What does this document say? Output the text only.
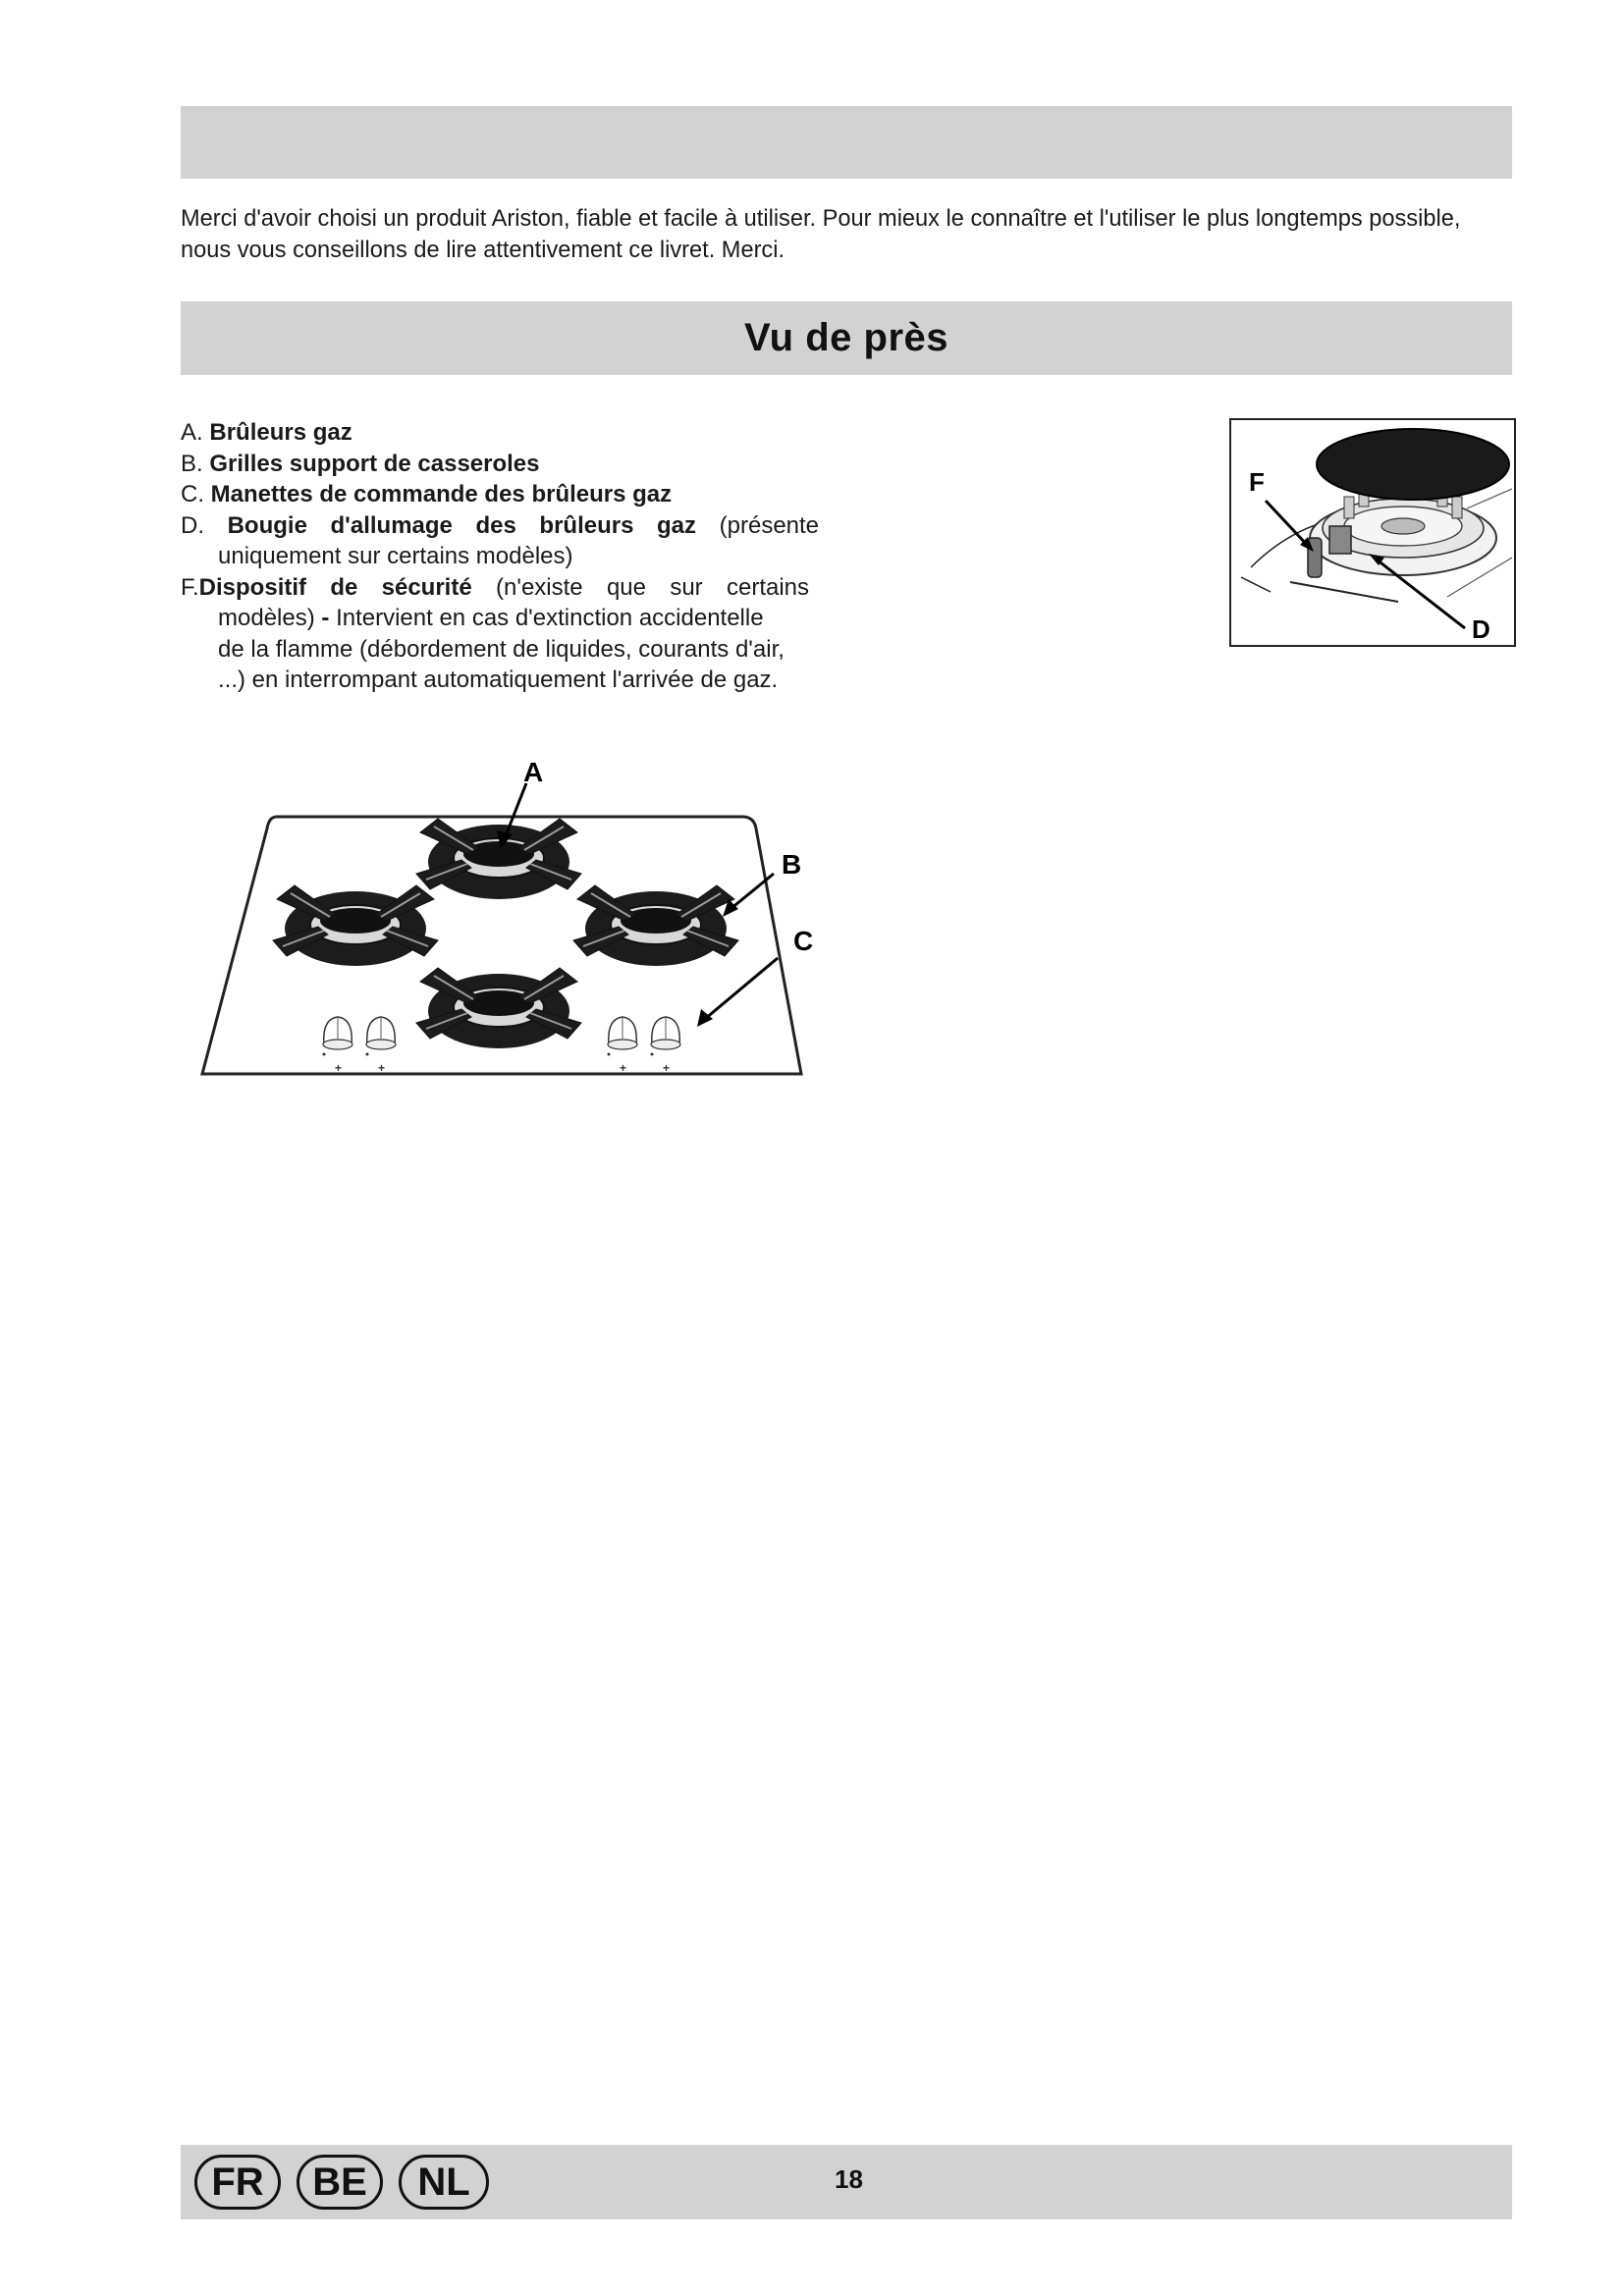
Merci d'avoir choisi un produit Ariston, fiable et facile à utiliser. Pour mieux le connaître et l'utiliser le plus longtemps possible, nous vous conseillons de lire attentivement ce livret. Merci.

Vu de près
A. Brûleurs gaz
B. Grilles support de casseroles
C. Manettes de commande des brûleurs gaz
D. Bougie d'allumage des brûleurs gaz (présente
uniquement sur certains modèles)
F.Dispositif de sécurité (n'existe que sur certains
modèles) - Intervient en cas d'extinction accidentelle
de la flamme (débordement de liquides, courants d'air,
...) en interrompant automatiquement l'arrivée de gaz.
F
D
+	A
B
C
FR	BE	NL	18
